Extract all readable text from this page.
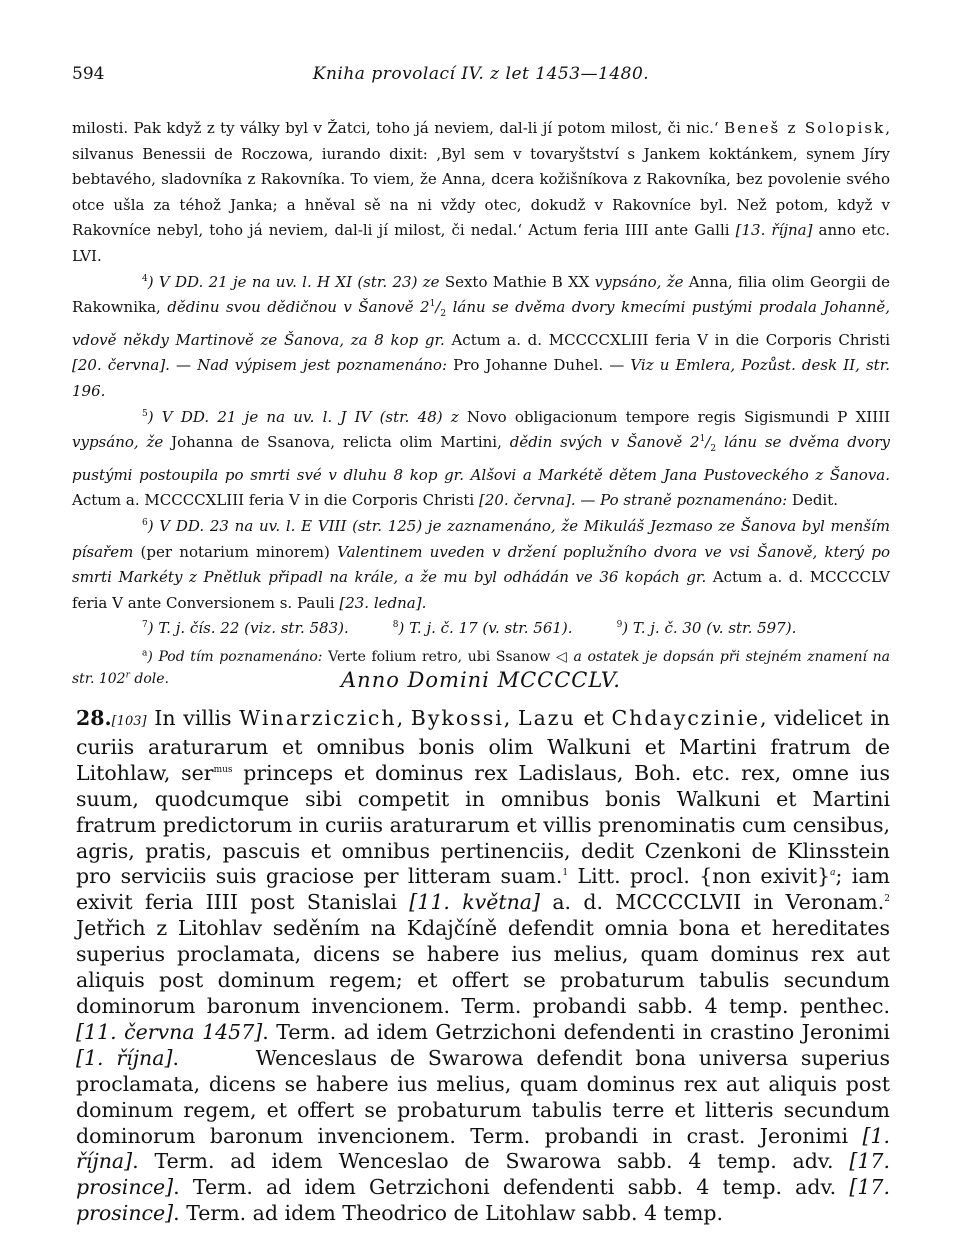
594	Kniha provolací IV. z let 1453—1480.

milosti. Pak když z ty války byl v Žatci, toho já neviem, dal-li jí potom milost, či nic.‘ Beneš z Solopisk, silvanus Benessii de Roczowa, iurando dixit: ‚Byl sem v tovaryštství s Jankem koktánkem, synem Jíry bebtavého, sladovníka z Rakovníka. To viem, že Anna, dcera kožišníkova z Rakovníka, bez povolenie svého otce ušla za téhož Janka; a hněval sě na ni vždy otec, dokudž v Rakovníce byl. Než potom, když v Rakovníce nebyl, toho já neviem, dal-li jí milost, či nedal.‘ Actum feria IIII ante Galli [13. října] anno etc. LVI.

$^4$) V DD. 21 je na uv. l. H XI (str. 23) ze Sexto Mathie B XX vypsáno, že Anna, filia olim Georgii de Rakownika, dědinu svou dědičnou v Šanově $2^1/_2$ lánu se dvěma dvory kmecími pustými prodala Johanně, vdově někdy Martinově ze Šanova, za 8 kop gr. Actum a. d. MCCCCXLIII feria V in die Corporis Christi [20. června]. — Nad výpisem jest poznamenáno: Pro Johanne Duhel. — Viz u Emlera, Pozůst. desk II, str. 196.

$^5$) V DD. 21 je na uv. l. J IV (str. 48) z Novo obligacionum tempore regis Sigismundi P XIIII vypsáno, že Johanna de Ssanova, relicta olim Martini, dědin svých v Šanově $2^1/_2$ lánu se dvěma dvory pustými postoupila po smrti své v dluhu 8 kop gr. Alšovi a Markétě dětem Jana Pustoveckého z Šanova. Actum a. MCCCCXLIII feria V in die Corporis Christi [20. června]. — Po straně poznamenáno: Dedit.

$^6$) V DD. 23 na uv. l. E VIII (str. 125) je zaznamenáno, že Mikuláš Jezmaso ze Šanova byl menším písařem (per notarium minorem) Valentinem uveden v držení poplužního dvora ve vsi Šanově, který po smrti Markéty z Pnětluk připadl na krále, a že mu byl odhádán ve 36 kopách gr. Actum a. d. MCCCCLV feria V ante Conversionem s. Pauli [23. ledna].

$^7$) T. j. čís. 22 (viz. str. 583).	$^8$) T. j. č. 17 (v. str. 561).	$^9$) T. j. č. 30 (v. str. 597).

$^a$) Pod tím poznamenáno: Verte folium retro, ubi Ssanow ◁ a ostatek je dopsán při stejném znamení na str. 102$^r$ dole.	Anno Domini MCCCCLV.

28.[103] In villis Winarziczich, Bykossi, Lazu et Chdayczinie, videlicet in curiis araturarum et omnibus bonis olim Walkuni et Martini fratrum de Litohlaw, ser$^{mus}$ princeps et dominus rex Ladislaus, Boh. etc. rex, omne ius suum, quodcumque sibi competit in omnibus bonis Walkuni et Martini fratrum predictorum in curiis araturarum et villis prenominatis cum censibus, agris, pratis, pascuis et omnibus pertinenciis, dedit Czenkoni de Klinsstein pro serviciis suis graciose per litteram suam.$^1$ Litt. procl. {non exivit}$^a$; iam exivit feria IIII post Stanislai [11. května] a. d. MCCCCLVII in Veronam.$^2$      Jetřich z Litohlav seděním na Kdajčíně defendit omnia bona et hereditates superius proclamata, dicens se habere ius melius, quam dominus rex aut aliquis post dominum regem; et offert se probaturum tabulis secundum dominorum baronum invencionem. Term. probandi sabb. 4 temp. penthec. [11. června 1457]. Term. ad idem Getrzichoni defendenti in crastino Jeronimi [1. října].      Wenceslaus de Swarowa defendit bona universa superius proclamata, dicens se habere ius melius, quam dominus rex aut aliquis post dominum regem, et offert se probaturum tabulis terre et litteris secundum dominorum baronum invencionem. Term. probandi in crast. Jeronimi [1. října]. Term. ad idem Wenceslao de Swarowa sabb. 4 temp. adv. [17. prosince]. Term. ad idem Getrzichoni defendenti sabb. 4 temp. adv. [17. prosince]. Term. ad idem Theodrico de Litohlaw sabb. 4 temp.
